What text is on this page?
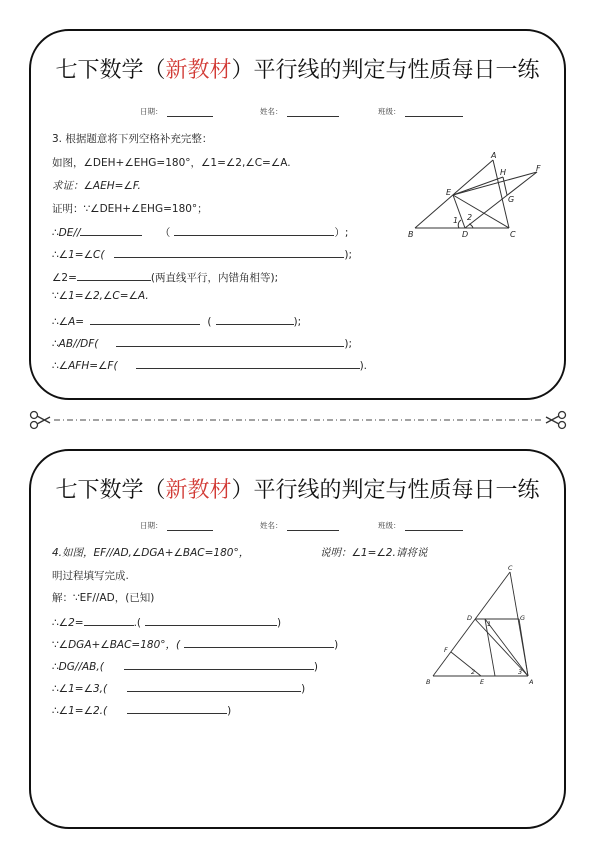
七下数学（新教材）平行线的判定与性质每日一练
日期：	姓名：	班级：
3. 根据题意将下列空格补充完整：
如图，∠DEH+∠EHG=180°，∠1=∠2,∠C=∠A.
求证：∠AEH=∠F.
证明：∵∠DEH+∠EHG=180°；
∴DE//	（	）;
∴∠1=∠C(	);
∠2=	(两直线平行，内错角相等);
∵∠1=∠2,∠C=∠A.
∴∠A=	(	);
∴AB//DF(	);
∴∠AFH=∠F(	).
B
A
C
D
E
F
G
H
1 2
七下数学（新教材）平行线的判定与性质每日一练
日期：	姓名：	班级：
4.如图，EF//AD,∠DGA+∠BAC=180°，	说明：∠1=∠2.请将说
明过程填写完成.
解：∵EF//AD，(已知)
∴∠2=	.(	)
∵∠DGA+∠BAC=180°，(	)
∴DG//AB,(	)
∴∠1=∠3,(	)
∴∠1=∠2.(	)
B
C
A
D	G
F
E
1
2	3
